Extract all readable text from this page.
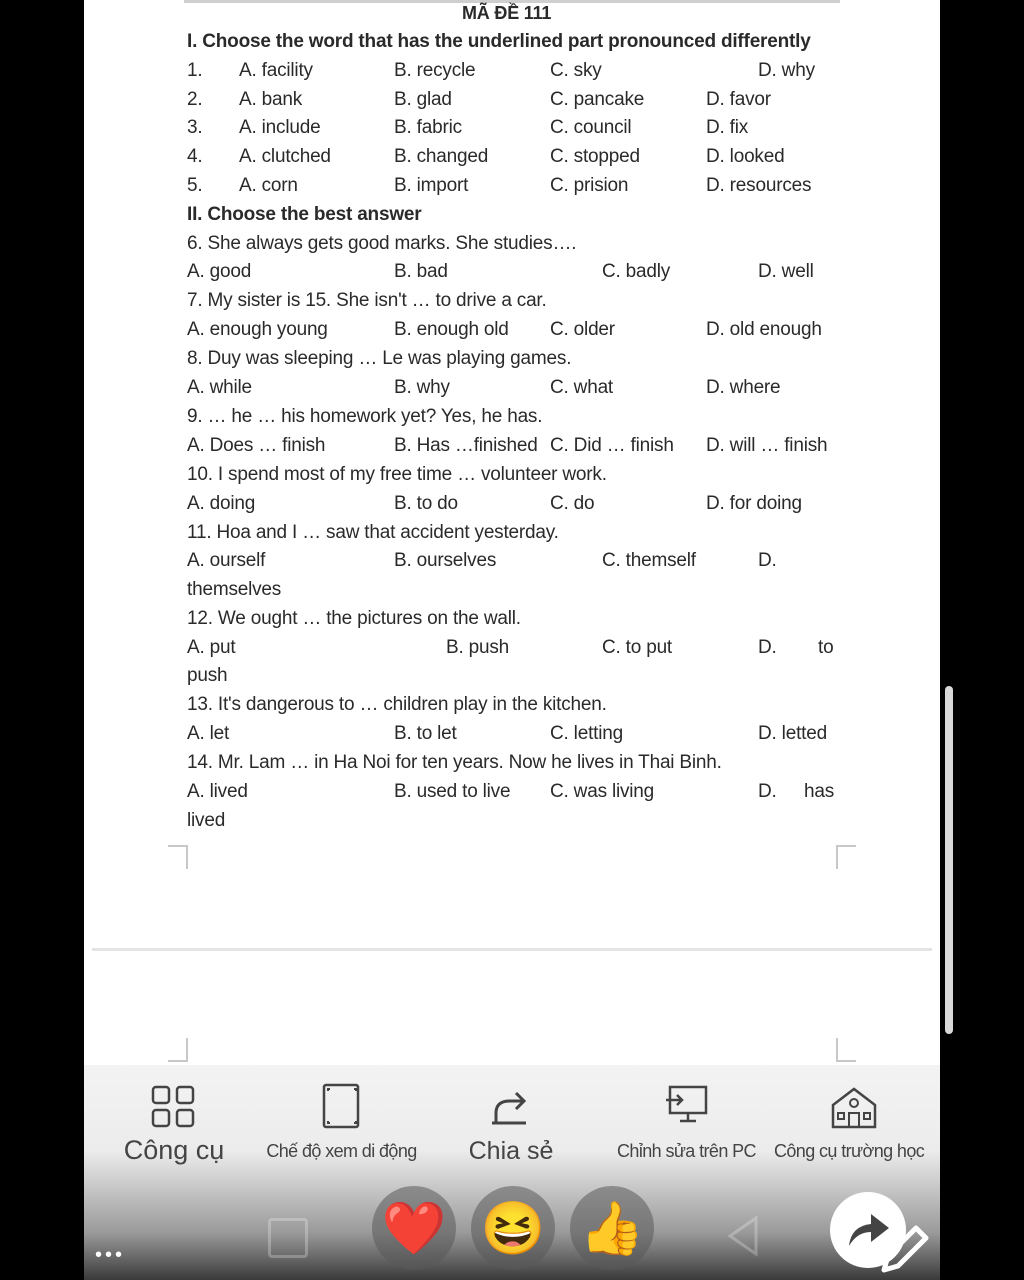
MÃ ĐỀ 111
I. Choose the word that has the underlined part pronounced differently
1. A. facility	B. recycle	C. sky	D. why
2. A. bank	B. glad	C. pancake	D. favor
3. A. include	B. fabric	C. council	D. fix
4. A. clutched	B. changed	C. stopped	D. looked
5. A. corn	B. import	C. prision	D. resources
II. Choose the best answer
6. She always gets good marks. She studies….
A. good	B. bad	C. badly	D. well
7. My sister is 15. She isn't … to drive a car.
A. enough young	B. enough old C. older	D. old enough
8. Duy was sleeping … Le was playing games.
A. while	B. why	C. what	D. where
9. … he … his homework yet? Yes, he has.
A. Does … finish	B. Has …finished C. Did … finish D. will … finish
10. I spend most of my free time … volunteer work.
A. doing	B. to do	C. do	D. for doing
11. Hoa and I … saw that accident yesterday.
A. ourself	B. ourselves	C. themself	D.
themselves
12. We ought … the pictures on the wall.
A. put	B. push	C. to put	D. to
push
13. It's dangerous to … children play in the kitchen.
A. let	B. to let	C. letting	D. letted
14. Mr. Lam … in Ha Noi for ten years. Now he lives in Thai Binh.
A. lived	B. used to live C. was living	D. has
lived
Công cụ	Chế độ xem di động	Chia sẻ	Chỉnh sửa trên PC	Công cụ trường học
❤️ 😆 👍
•••
